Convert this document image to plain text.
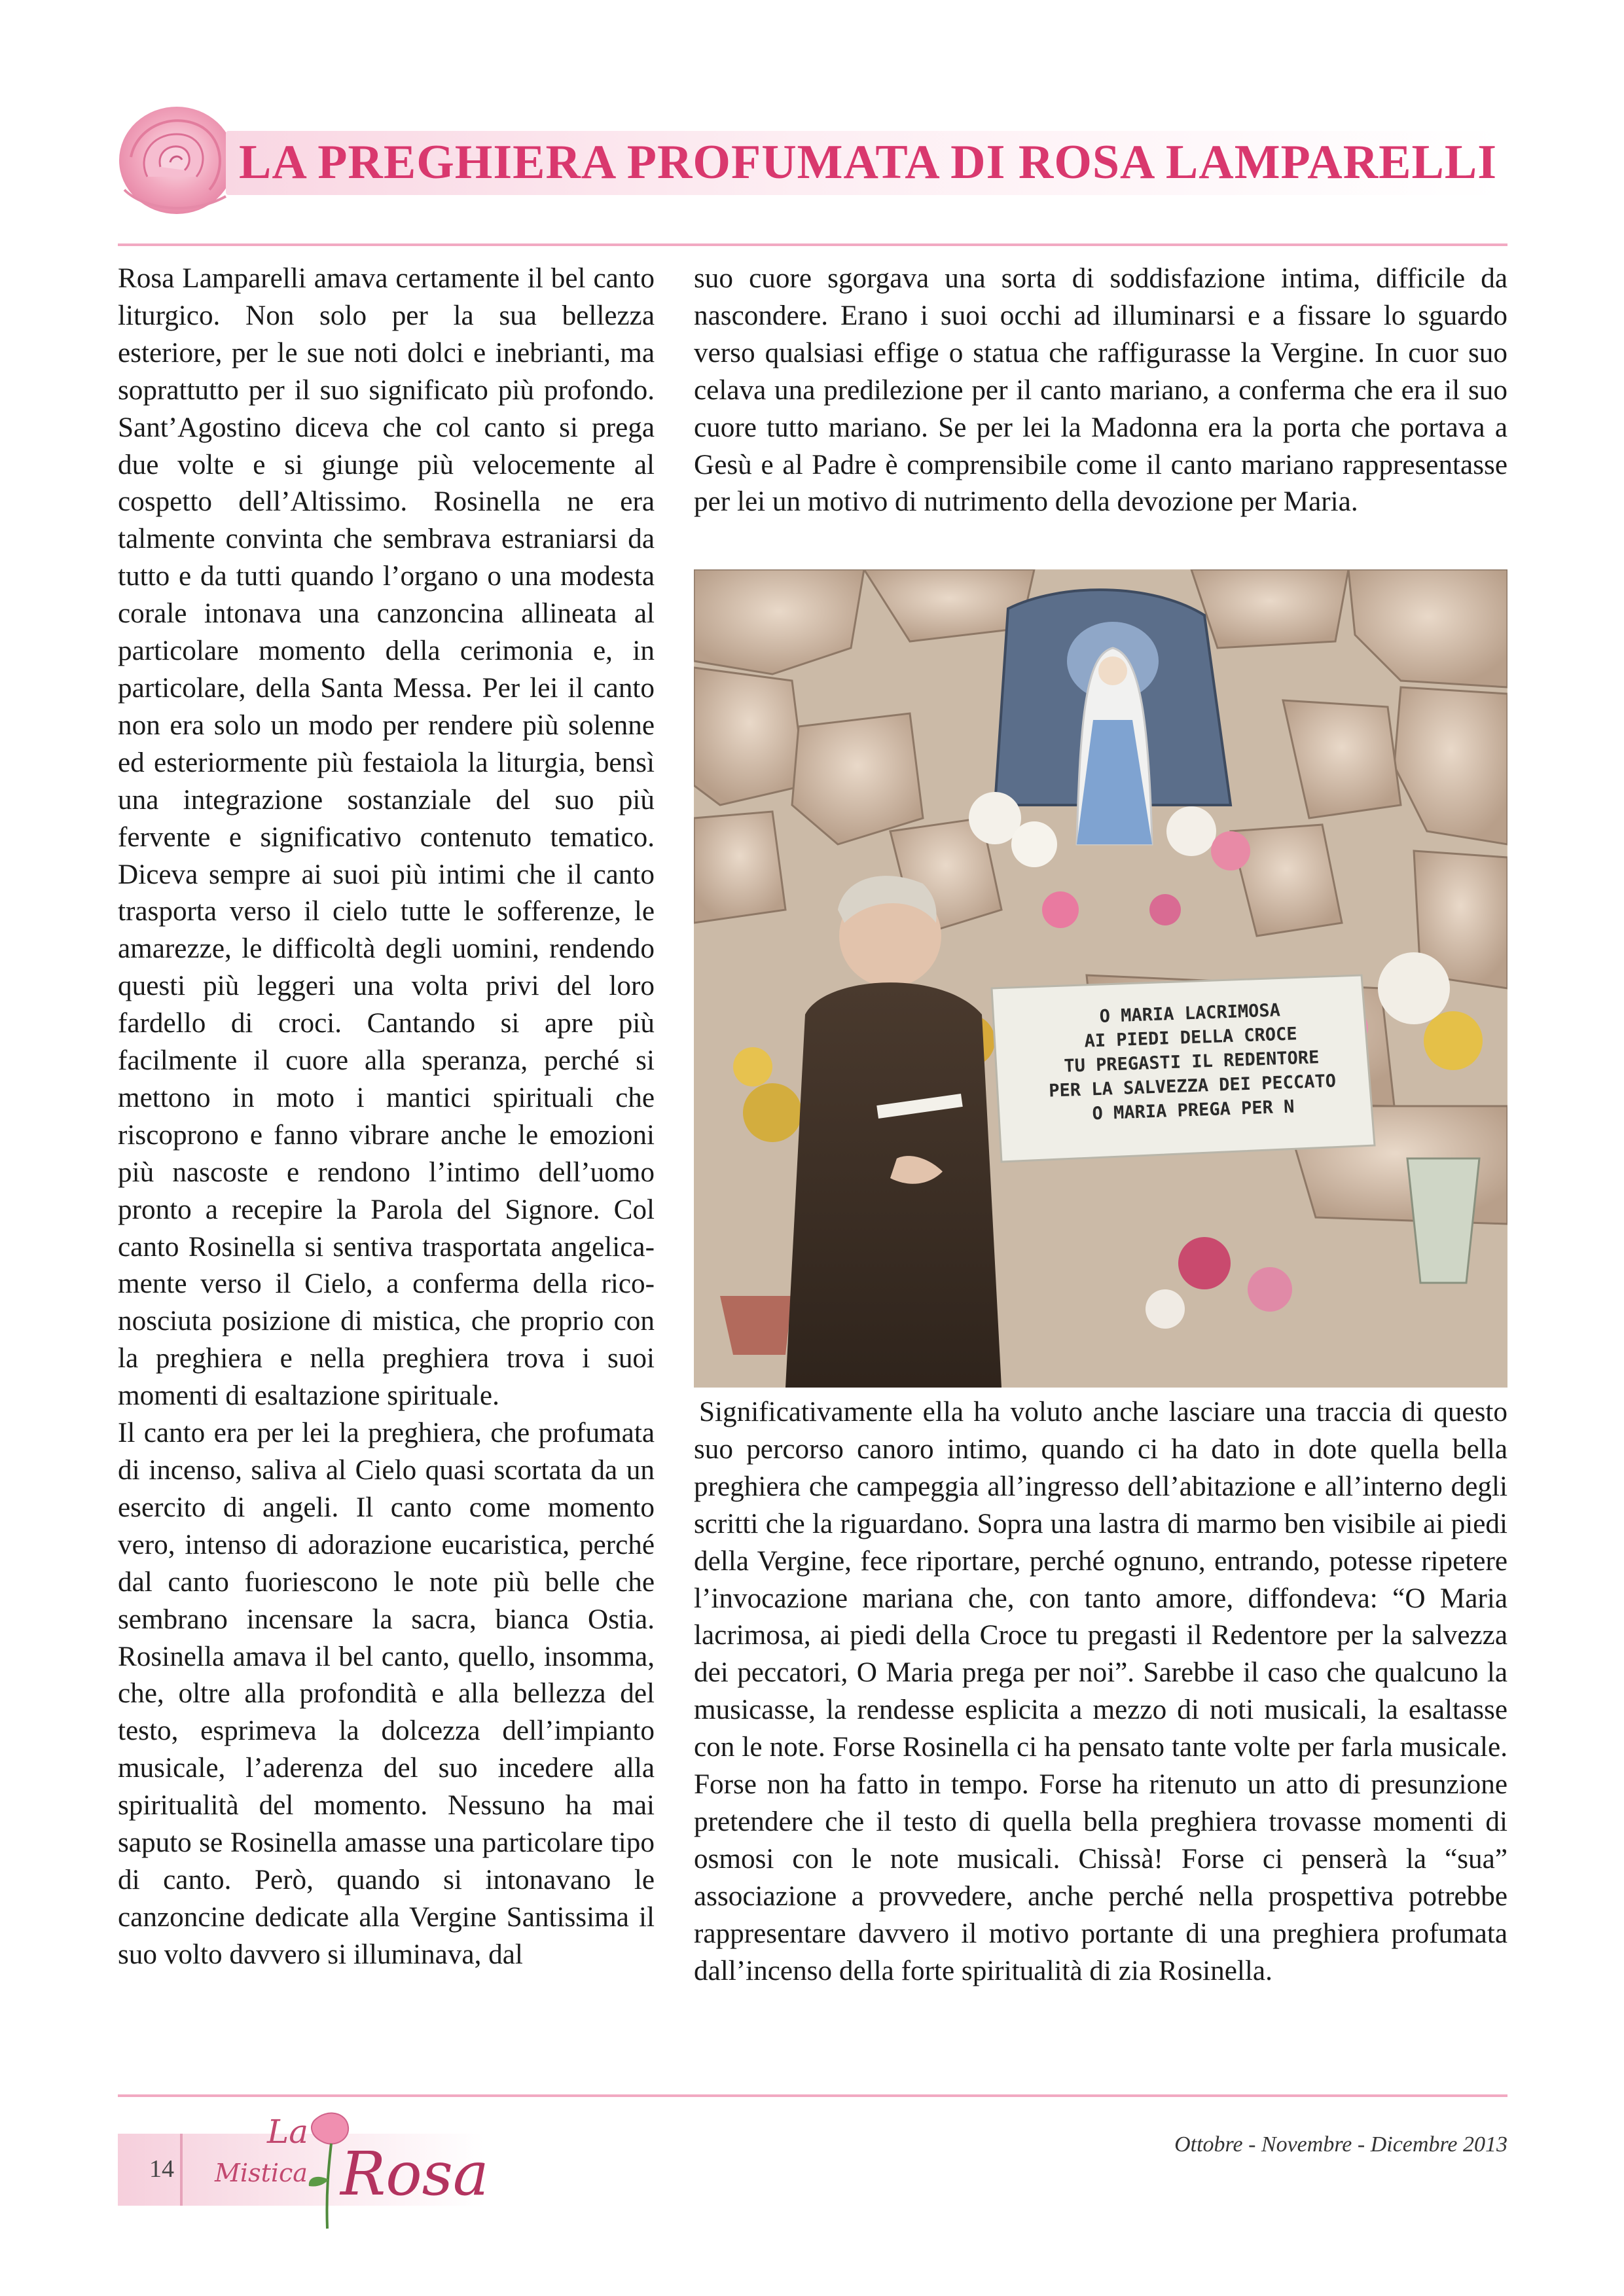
LA PREGHIERA PROFUMATA DI ROSA LAMPARELLI

Rosa Lamparelli amava certamente il bel canto liturgico. Non solo per la sua bellezza esteriore, per le sue noti dolci e inebrianti, ma soprattutto per il suo significato più profondo. Sant’Agostino diceva che col canto si prega due volte e si giunge più velocemente al cospetto dell’Altissimo. Rosinella ne era talmente convinta che sembrava estraniarsi da tutto e da tutti quando l’organo o una modesta corale intonava una canzoncina allineata al particolare momento della cerimonia e, in particolare, della Santa Messa. Per lei il canto non era solo un modo per rendere più solenne ed esteriormente più festaiola la liturgia, bensì una integrazione sostanziale del suo più fervente e significativo contenuto tematico. Diceva sempre ai suoi più intimi che il canto trasporta verso il cielo tutte le sofferenze, le amarezze, le difficoltà degli uomini, rendendo questi più leggeri una volta privi del loro fardello di croci. Cantando si apre più facilmente il cuore alla speranza, perché si mettono in moto i mantici spirituali che riscoprono e fanno vibrare anche le emozioni più nascoste e rendono l’intimo dell’uomo pronto a recepire la Parola del Signore. Col canto Rosinella si sentiva trasportata angelicamente verso il Cielo, a conferma della riconosciuta posizione di mistica, che proprio con la preghiera e nella preghiera trova i suoi momenti di esaltazione spirituale.

Il canto era per lei la preghiera, che profumata di incenso, saliva al Cielo quasi scortata da un esercito di angeli. Il canto come momento vero, intenso di adorazione eucaristica, perché dal canto fuoriescono le note più belle che sembrano incensare la sacra, bianca Ostia. Rosinella amava il bel canto, quello, insomma, che, oltre alla profondità e alla bellezza del testo, esprimeva la dolcezza dell’impianto musicale, l’aderenza del suo incedere alla spiritualità del momento. Nessuno ha mai saputo se Rosinella amasse una particolare tipo di canto. Però, quando si intonavano le canzoncine dedicate alla Vergine Santissima il suo volto davvero si illuminava, dal

suo cuore sgorgava una sorta di soddisfazione intima, difficile da nascondere. Erano i suoi occhi ad illuminarsi e a fissare lo sguardo verso qualsiasi effige o statua che raffigurasse la Vergine. In cuor suo celava una predilezione per il canto mariano, a conferma che era il suo cuore tutto mariano. Se per lei la Madonna era la porta che portava a Gesù e al Padre è comprensibile come il canto mariano rappresentasse per lei un motivo di nutrimento della devozione per Maria.

O MARIA LACRIMOSA
AI PIEDI DELLA CROCE
TU PREGASTI IL REDENTORE
PER LA SALVEZZA DEI PECCATO
O MARIA PREGA PER N

Significativamente ella ha voluto anche lasciare una traccia di questo suo percorso canoro intimo, quando ci ha dato in dote quella bella preghiera che campeggia all’ingresso dell’abitazione e all’interno degli scritti che la riguardano. Sopra una lastra di marmo ben visibile ai piedi della Vergine, fece riportare, perché ognuno, entrando, potesse ripetere l’invocazione mariana che, con tanto amore, diffondeva: “O Maria lacrimosa, ai piedi della Croce tu pregasti il Redentore per la salvezza dei peccatori, O Maria prega per noi”. Sarebbe il caso che qualcuno la musicasse, la rendesse esplicita a mezzo di noti musicali, la esaltasse con le note. Forse Rosinella ci ha pensato tante volte per farla musicale. Forse non ha fatto in tempo. Forse ha ritenuto un atto di presunzione pretendere che il testo di quella bella preghiera trovasse momenti di osmosi con le note musicali. Chissà! Forse ci penserà la “sua” associazione a provvedere, anche perché nella prospettiva potrebbe rappresentare davvero il motivo portante di una preghiera profumata dall’incenso della forte spiritualità di zia Rosinella.

14
La
Mistica Rosa	Ottobre - Novembre - Dicembre 2013
